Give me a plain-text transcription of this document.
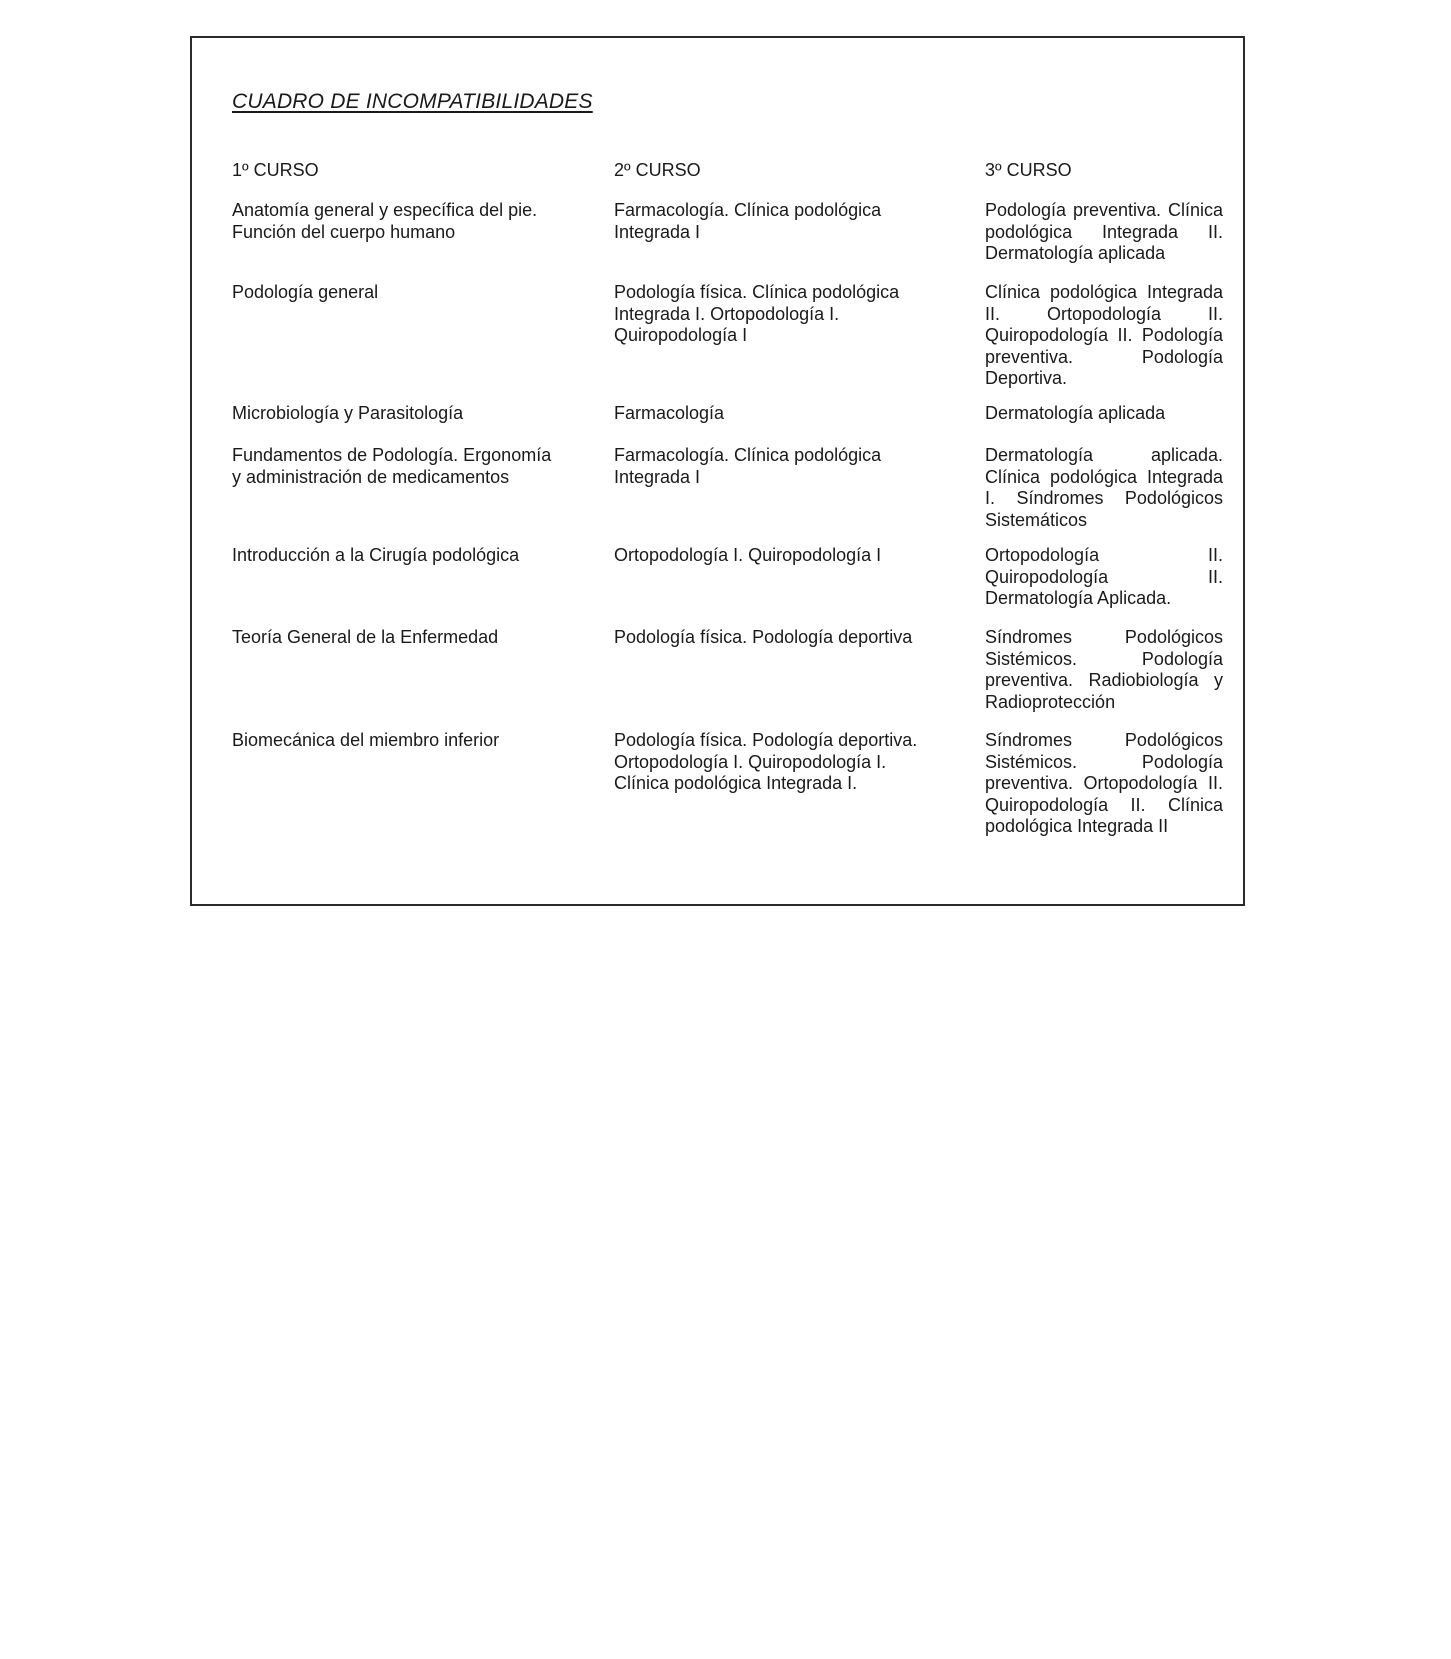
CUADRO DE INCOMPATIBILIDADES
1º CURSO

Anatomía general y específica del pie. Función del cuerpo humano

Podología general

Microbiología y Parasitología

Fundamentos de Podología. Ergonomía y administración de medicamentos

Introducción a la Cirugía podológica

Teoría General de la Enfermedad

Biomecánica del miembro inferior

2º CURSO

Farmacología. Clínica podológica Integrada I

Podología física. Clínica podológica Integrada I. Ortopodología I. Quiropodología I

Farmacología

Farmacología. Clínica podológica Integrada I

Ortopodología I. Quiropodología I

Podología física. Podología deportiva

Podología física. Podología deportiva. Ortopodología I. Quiropodología I. Clínica podológica Integrada I.

3º CURSO

Podología preventiva. Clínica podológica Integrada II. Dermatología aplicada

Clínica podológica Integrada II. Ortopodología II. Quiropodología II. Podología preventiva. Podología Deportiva.

Dermatología aplicada

Dermatología aplicada. Clínica podológica Integrada I. Síndromes Podológicos Sistemáticos

Ortopodología II. Quiropodología II. Dermatología Aplicada.

Síndromes Podológicos Sistémicos. Podología preventiva. Radiobiología y Radioprotección

Síndromes Podológicos Sistémicos. Podología preventiva. Ortopodología II. Quiropodología II. Clínica podológica Integrada II
